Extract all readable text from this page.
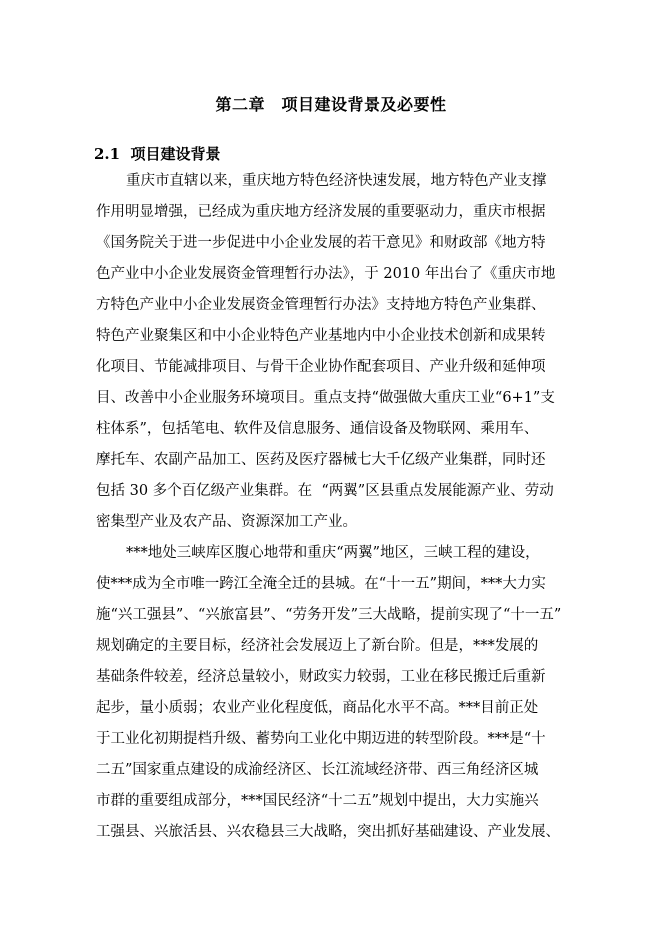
第二章　项目建设背景及必要性
2.1  项目建设背景
重庆市直辖以来，重庆地方特色经济快速发展，地方特色产业支撑
作用明显增强，已经成为重庆地方经济发展的重要驱动力，重庆市根据
《国务院关于进一步促进中小企业发展的若干意见》和财政部《地方特
色产业中小企业发展资金管理暂行办法》，于 2010 年出台了《重庆市地
方特色产业中小企业发展资金管理暂行办法》支持地方特色产业集群、
特色产业聚集区和中小企业特色产业基地内中小企业技术创新和成果转
化项目、节能减排项目、与骨干企业协作配套项目、产业升级和延伸项
目、改善中小企业服务环境项目。重点支持“做强做大重庆工业“6+1”支
柱体系”，包括笔电、软件及信息服务、通信设备及物联网、乘用车、
摩托车、农副产品加工、医药及医疗器械七大千亿级产业集群，同时还
包括 30 多个百亿级产业集群。在  “两翼”区县重点发展能源产业、劳动
密集型产业及农产品、资源深加工产业。
***地处三峡库区腹心地带和重庆“两翼”地区，三峡工程的建设，
使***成为全市唯一跨江全淹全迁的县城。在“十一五”期间，***大力实
施“兴工强县”、“兴旅富县”、“劳务开发”三大战略，提前实现了“十一五”
规划确定的主要目标，经济社会发展迈上了新台阶。但是，***发展的
基础条件较差，经济总量较小，财政实力较弱，工业在移民搬迁后重新
起步，量小质弱；农业产业化程度低，商品化水平不高。***目前正处
于工业化初期提档升级、蓄势向工业化中期迈进的转型阶段。***是“十
二五”国家重点建设的成渝经济区、长江流域经济带、西三角经济区城
市群的重要组成部分，***国民经济“十二五”规划中提出，大力实施兴
工强县、兴旅活县、兴农稳县三大战略，突出抓好基础建设、产业发展、
